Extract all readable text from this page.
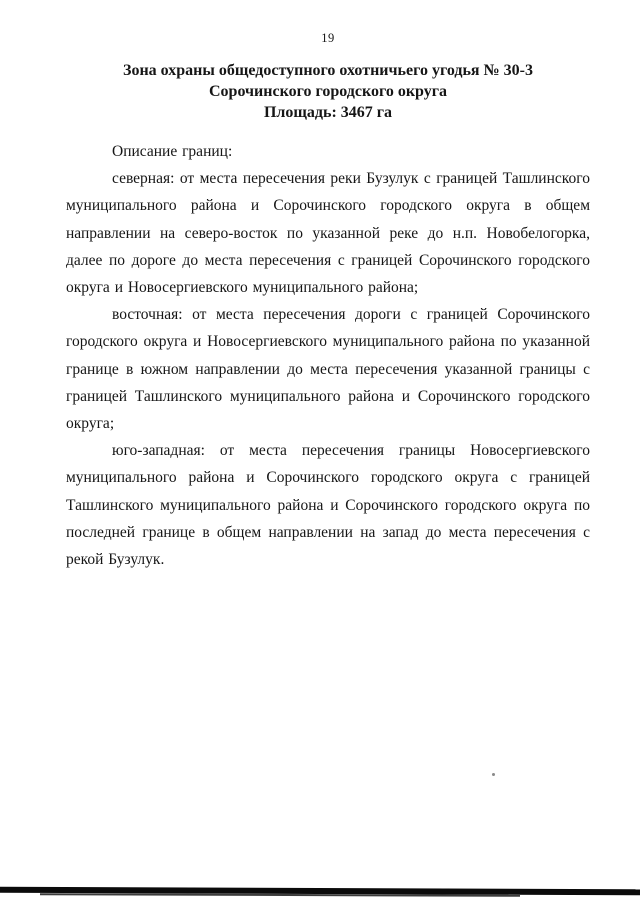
19
Зона охраны общедоступного охотничьего угодья № 30-3
Сорочинского городского округа
Площадь: 3467 га

Описание границ:

северная: от места пересечения реки Бузулук с границей Ташлинского муниципального района и Сорочинского городского округа в общем направлении на северо-восток по указанной реке до н.п. Новобелогорка, далее по дороге до места пересечения с границей Сорочинского городского округа и Новосергиевского муниципального района;

восточная: от места пересечения дороги с границей Сорочинского городского округа и Новосергиевского муниципального района по указанной границе в южном направлении до места пересечения указанной границы с границей Ташлинского муниципального района и Сорочинского городского округа;

юго-западная: от места пересечения границы Новосергиевского муниципального района и Сорочинского городского округа с границей Ташлинского муниципального района и Сорочинского городского округа по последней границе в общем направлении на запад до места пересечения с рекой Бузулук.
